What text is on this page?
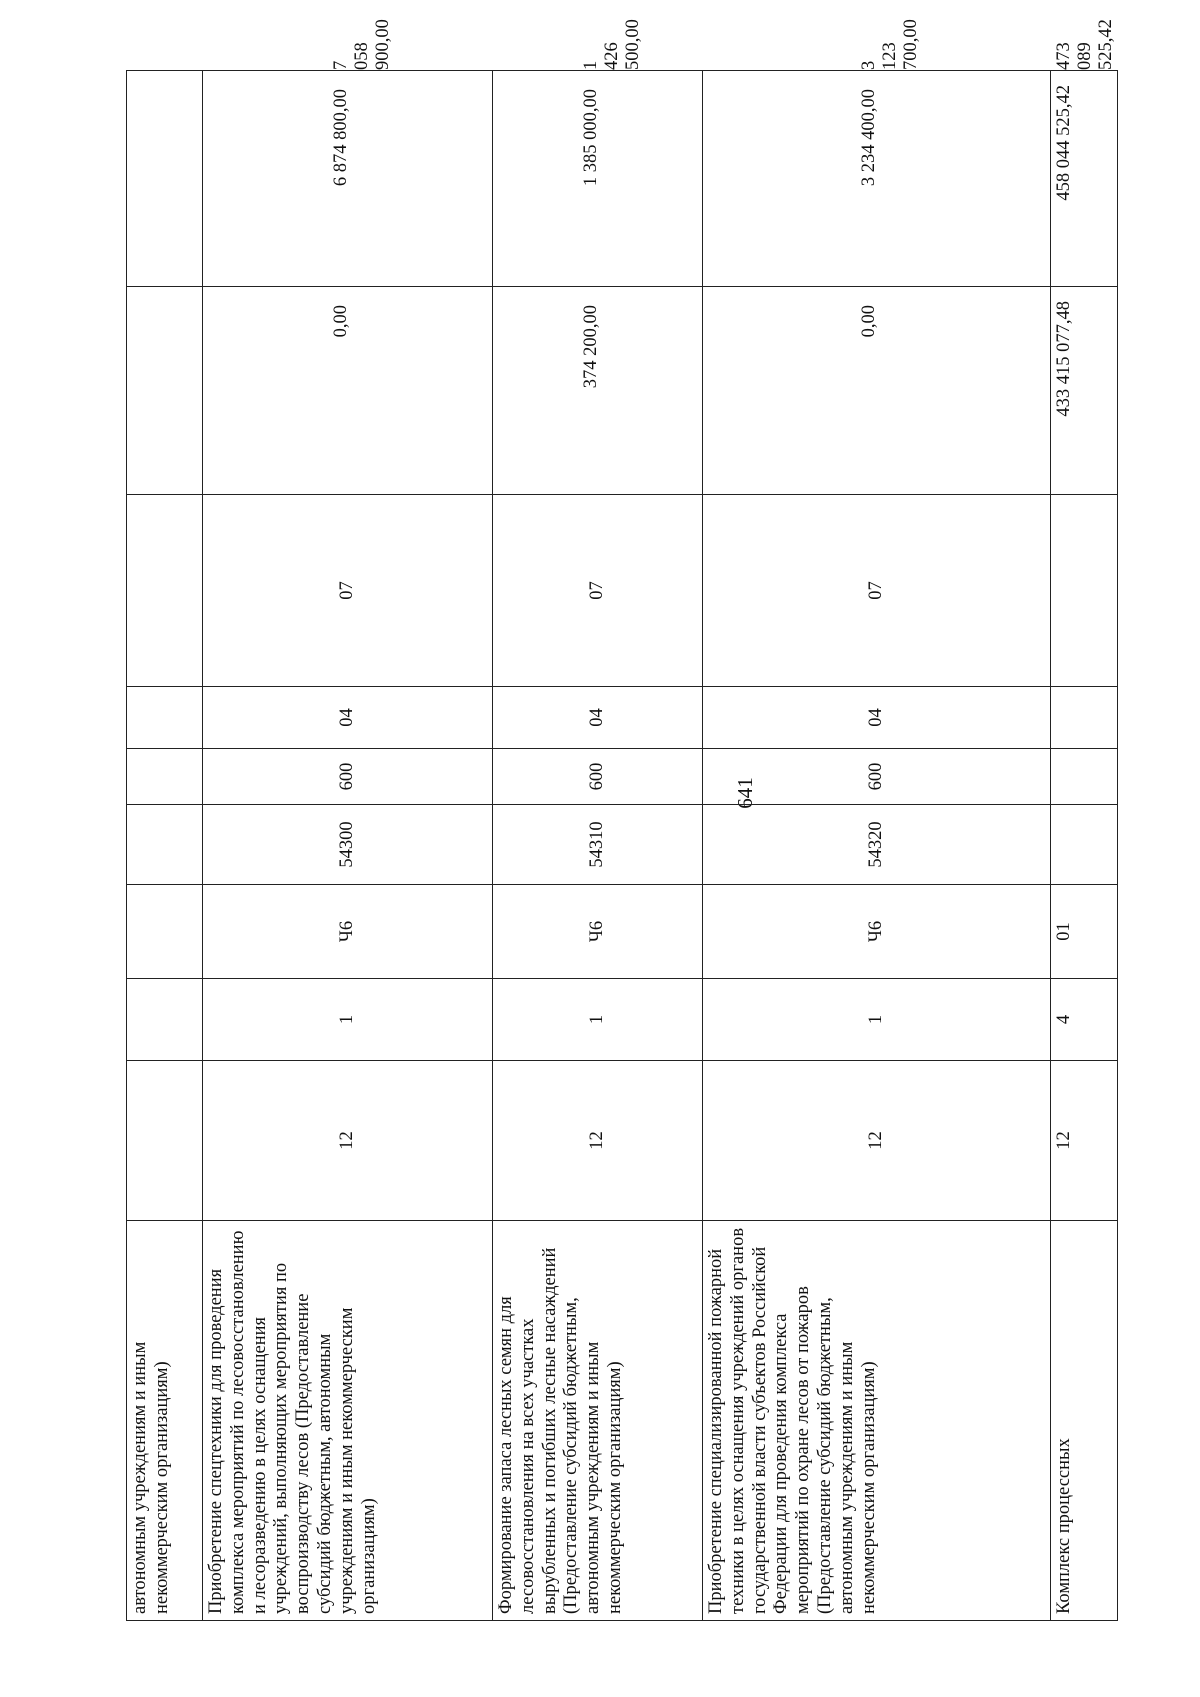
641
автономным учреждениям и иным некоммерческим организациям)										
Приобретение спецтехники для проведения комплекса мероприятий по лесовосстановлению и лесоразведению в целях оснащения учреждений, выполняющих мероприятия по воспроизводству лесов (Предоставление субсидий бюджетным, автономным учреждениям и иным некоммерческим организациям)	12	1	Ч6	54300	600	04	07	0,00	6 874 800,00	7 058 900,00
Формирование запаса лесных семян для лесовосстановления на всех участках вырубленных и погибших лесные насаждений (Предоставление субсидий бюджетным, автономным учреждениям и иным некоммерческим организациям)	12	1	Ч6	54310	600	04	07	374 200,00	1 385 000,00	1 426 500,00
Приобретение специализированной пожарной техники в целях оснащения учреждений органов государственной власти субъектов Российской Федерации для проведения комплекса мероприятий по охране лесов от пожаров (Предоставление субсидий бюджетным, автономным учреждениям и иным некоммерческим организациям)	12	1	Ч6	54320	600	04	07	0,00	3 234 400,00	3 123 700,00
Комплекс процессных	12	4	01					433 415 077,48	458 044 525,42	473 089 525,42
